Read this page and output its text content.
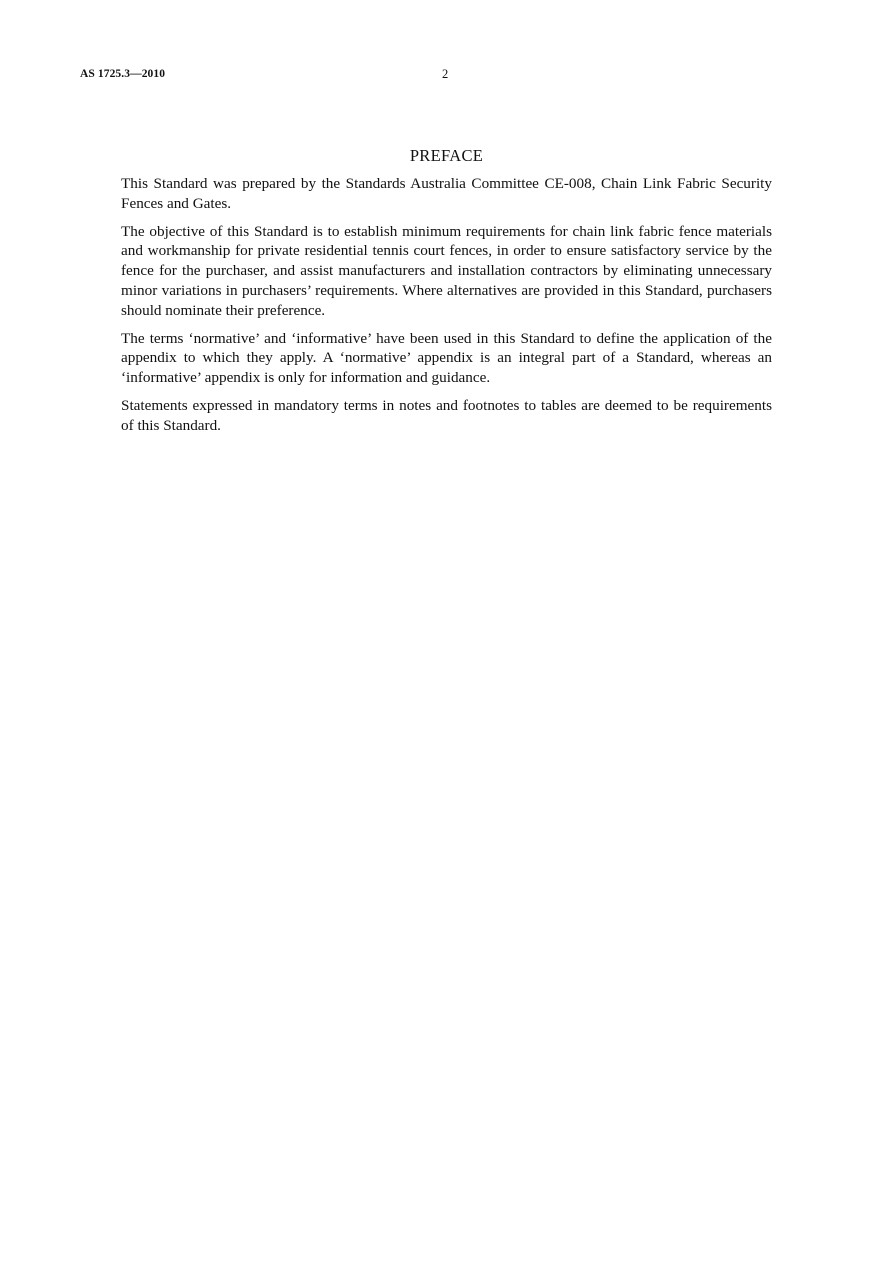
AS 1725.3—2010	2
PREFACE

This Standard was prepared by the Standards Australia Committee CE-008, Chain Link Fabric Security Fences and Gates.

The objective of this Standard is to establish minimum requirements for chain link fabric fence materials and workmanship for private residential tennis court fences, in order to ensure satisfactory service by the fence for the purchaser, and assist manufacturers and installation contractors by eliminating unnecessary minor variations in purchasers’ requirements. Where alternatives are provided in this Standard, purchasers should nominate their preference.

The terms ‘normative’ and ‘informative’ have been used in this Standard to define the application of the appendix to which they apply. A ‘normative’ appendix is an integral part of a Standard, whereas an ‘informative’ appendix is only for information and guidance.

Statements expressed in mandatory terms in notes and footnotes to tables are deemed to be requirements of this Standard.
